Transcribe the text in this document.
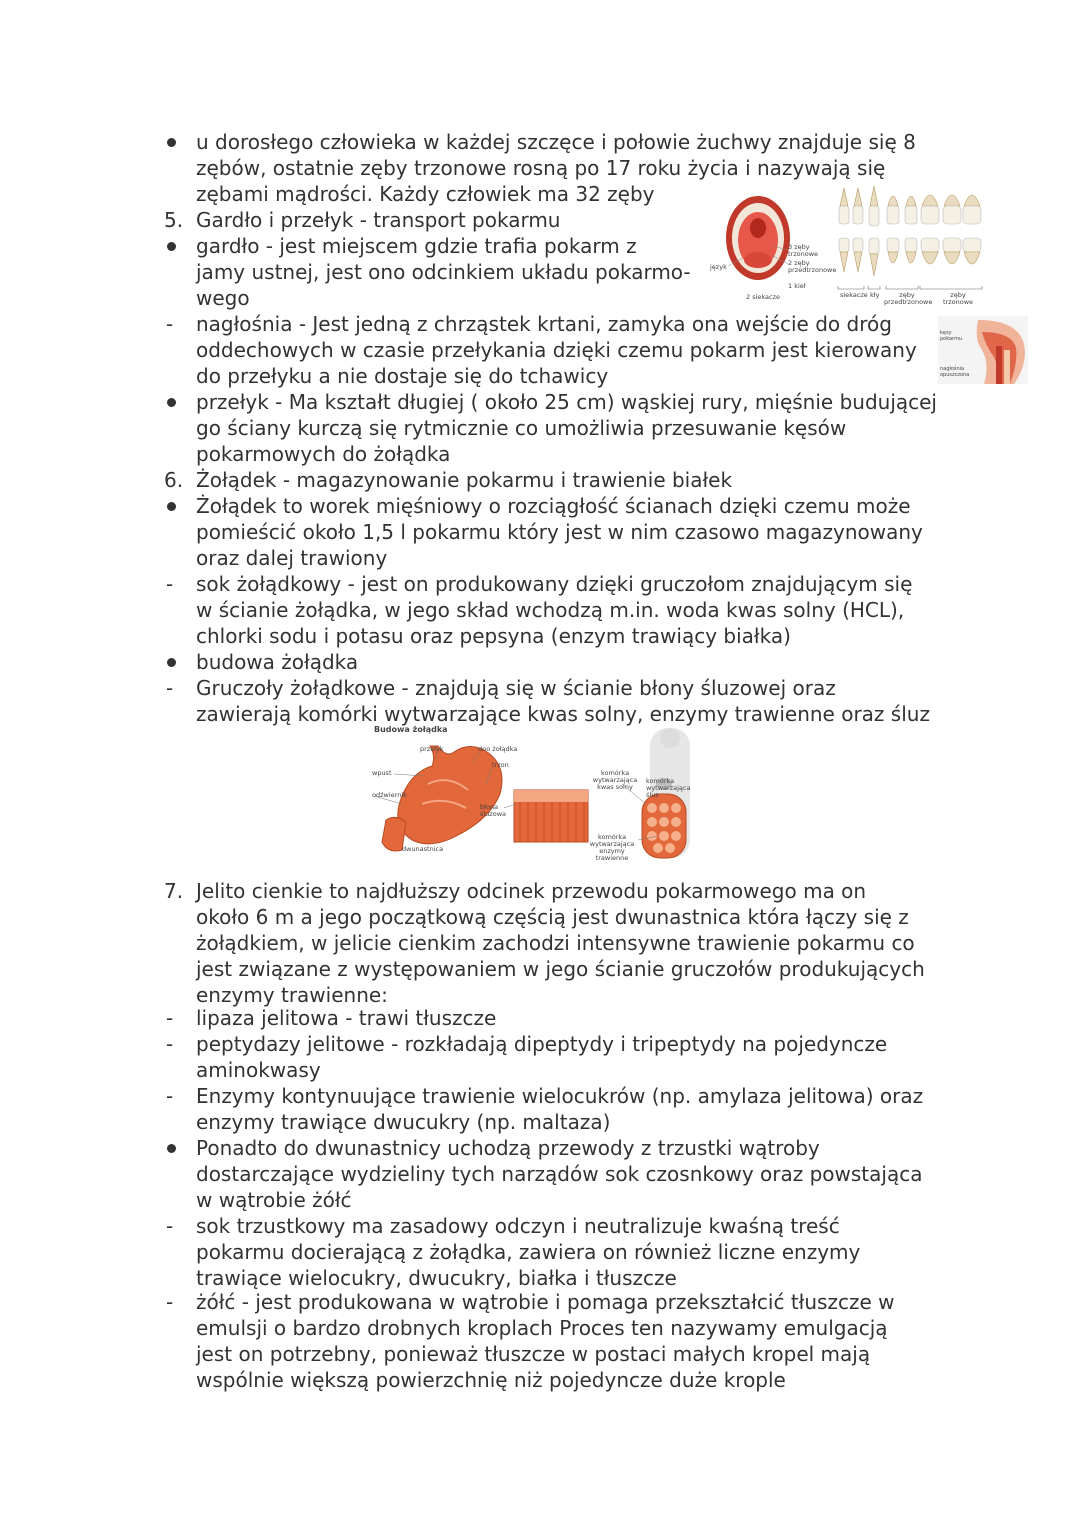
u dorosłego człowieka w każdej szczęce i połowie żuchwy znajduje się 8
zębów, ostatnie zęby trzonowe rosną po 17 roku życia i nazywają się
zębami mądrości. Każdy człowiek ma 32 zęby
5. Gardło i przełyk - transport pokarmu
gardło - jest miejscem gdzie trafia pokarm z
jamy ustnej, jest ono odcinkiem układu pokarmo-
wego
- nagłośnia - Jest jedną z chrząstek krtani, zamyka ona wejście do dróg
oddechowych w czasie przełykania dzięki czemu pokarm jest kierowany
do przełyku a nie dostaje się do tchawicy
przełyk - Ma kształt długiej ( około 25 cm) wąskiej rury, mięśnie budującej
go ściany kurczą się rytmicznie co umożliwia przesuwanie kęsów
pokarmowych do żołądka
6. Żołądek - magazynowanie pokarmu i trawienie białek
Żołądek to worek mięśniowy o rozciągłość ścianach dzięki czemu może
pomieścić około 1,5 l pokarmu który jest w nim czasowo magazynowany
oraz dalej trawiony
- sok żołądkowy - jest on produkowany dzięki gruczołom znajdującym się
w ścianie żołądka, w jego skład wchodzą m.in. woda kwas solny (HCL),
chlorki sodu i potasu oraz pepsyna (enzym trawiący białka)
budowa żołądka
- Gruczoły żołądkowe - znajdują się w ścianie błony śluzowej oraz
zawierają komórki wytwarzające kwas solny, enzymy trawienne oraz śluz
7. Jelito cienkie to najdłuższy odcinek przewodu pokarmowego ma on
około 6 m a jego początkową częścią jest dwunastnica która łączy się z
żołądkiem, w jelicie cienkim zachodzi intensywne trawienie pokarmu co
jest związane z występowaniem w jego ścianie gruczołów produkujących
enzymy trawienne:
- lipaza jelitowa - trawi tłuszcze
- peptydazy jelitowe - rozkładają dipeptydy i tripeptydy na pojedyncze
aminokwasy
- Enzymy kontynuujące trawienie wielocukrów (np. amylaza jelitowa) oraz
enzymy trawiące dwucukry (np. maltaza)
Ponadto do dwunastnicy uchodzą przewody z trzustki wątroby
dostarczające wydzieliny tych narządów sok czosnkowy oraz powstająca
w wątrobie żółć
- sok trzustkowy ma zasadowy odczyn i neutralizuje kwaśną treść
pokarmu docierającą z żołądka, zawiera on również liczne enzymy
trawiące wielocukry, dwucukry, białka i tłuszcze
- żółć - jest produkowana w wątrobie i pomaga przekształcić tłuszcze w
emulsji o bardzo drobnych kroplach Proces ten nazywamy emulgacją
jest on potrzebny, ponieważ tłuszcze w postaci małych kropel mają
wspólnie większą powierzchnię niż pojedyncze duże krople
język
3 zęby trzonowe
2 zęby przedtrzonowe
1 kieł
2 siekacze	siekacze kły	zęby przedtrzonowe
zęby trzonowe
kęsy pokarmu
nagłośnia opuszczona
Budowa żołądka
przełyk	dno żołądka
trzon
wpust
odźwiernik
błona śluzowa
dwunastnica
komórka wytwarzająca kwas solny
komórka wytwarzająca śluz
komórka wytwarzająca enzymy trawienne
